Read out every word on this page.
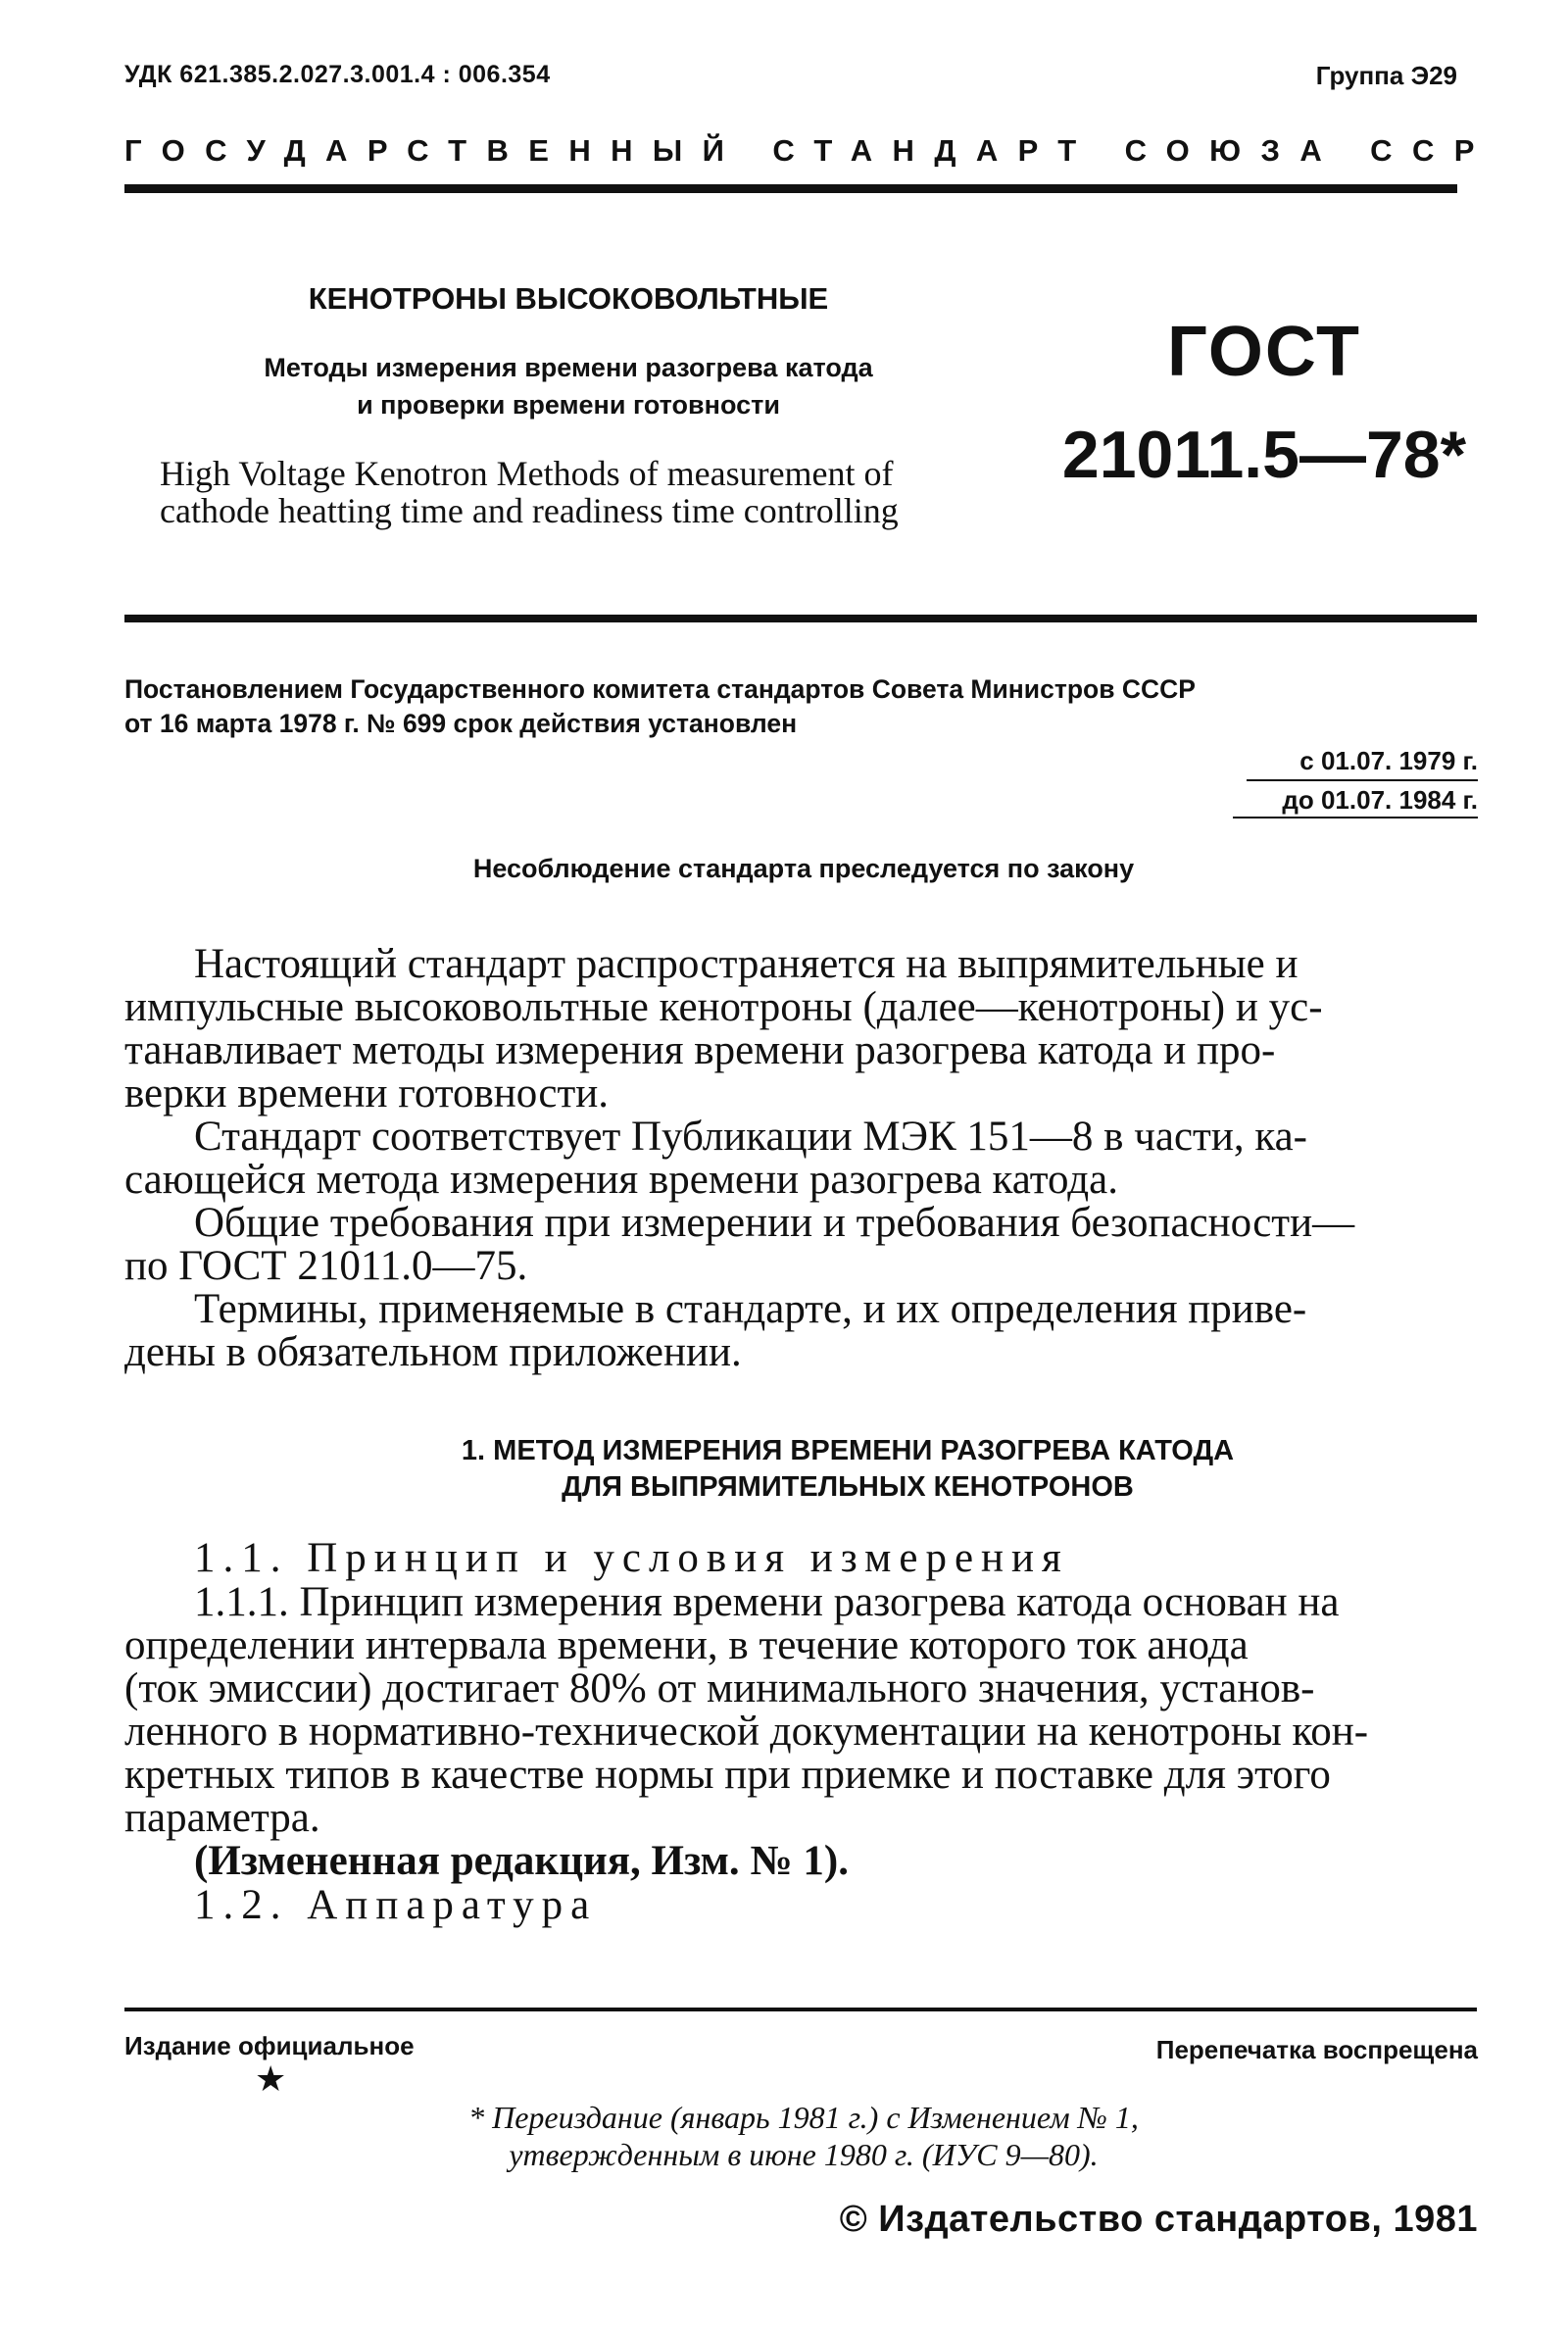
УДК 621.385.2.027.3.001.4 : 006.354	Группа Э29
ГОСУДАРСТВЕННЫЙ СТАНДАРТ СОЮЗА ССР
КЕНОТРОНЫ ВЫСОКОВОЛЬТНЫЕ
Методы измерения времени разогрева катода
и проверки времени готовности
High Voltage Kenotron Methods of measurement of
cathode heatting time and readiness time controlling
ГОСТ
21011.5—78*
Постановлением Государственного комитета стандартов Совета Министров СССР
от 16 марта 1978 г. № 699 срок действия установлен
с 01.07. 1979 г.
до 01.07. 1984 г.
Несоблюдение стандарта преследуется по закону
Настоящий стандарт распространяется на выпрямительные и
импульсные высоковольтные кенотроны (далее—кенотроны) и ус-
танавливает методы измерения времени разогрева катода и про-
верки времени готовности.
Стандарт соответствует Публикации МЭК 151—8 в части, ка-
сающейся метода измерения времени разогрева катода.
Общие требования при измерении и требования безопасности—
по ГОСТ 21011.0—75.
Термины, применяемые в стандарте, и их определения приве-
дены в обязательном приложении.
1. МЕТОД ИЗМЕРЕНИЯ ВРЕМЕНИ РАЗОГРЕВА КАТОДА
ДЛЯ ВЫПРЯМИТЕЛЬНЫХ КЕНОТРОНОВ
1.1. Принцип и условия измерения
1.1.1. Принцип измерения времени разогрева катода основан на
определении интервала времени, в течение которого ток анода
(ток эмиссии) достигает 80% от минимального значения, установ-
ленного в нормативно-технической документации на кенотроны кон-
кретных типов в качестве нормы при приемке и поставке для этого
параметра.
(Измененная редакция, Изм. № 1).
1.2. Аппаратура
Издание официальное
★
Перепечатка воспрещена
* Переиздание (январь 1981 г.) с Изменением № 1,
утвержденным в июне 1980 г. (ИУС 9—80).
© Издательство стандартов, 1981
